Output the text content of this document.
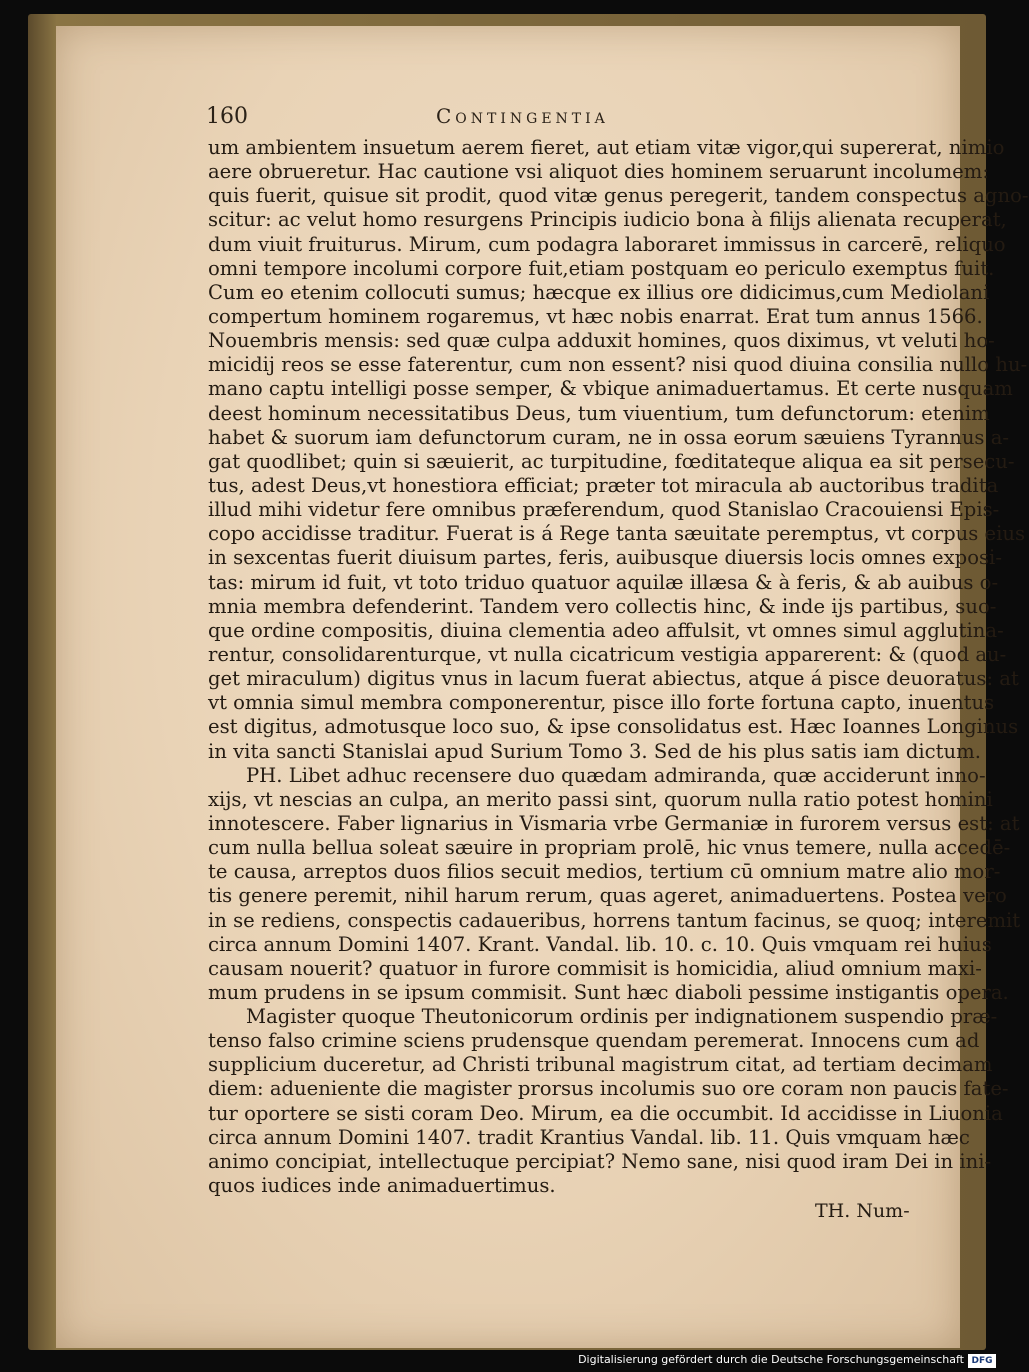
160	Contingentia
um ambientem insuetum aerem fieret, aut etiam vitæ vigor,qui supererat, nimio
aere obrueretur. Hac cautione vsi aliquot dies hominem seruarunt incolumem:
quis fuerit, quisue sit prodit, quod vitæ genus peregerit, tandem conspectus agno-
scitur: ac velut homo resurgens Principis iudicio bona à filijs alienata recuperat,
dum viuit fruiturus. Mirum, cum podagra laboraret immissus in carcerē, reliquo
omni tempore incolumi corpore fuit,etiam postquam eo periculo exemptus fuit.
Cum eo etenim collocuti sumus; hæcque ex illius ore didicimus,cum Mediolani
compertum hominem rogaremus, vt hæc nobis enarrat. Erat tum annus 1566.
Nouembris mensis: sed quæ culpa adduxit homines, quos diximus, vt veluti ho-
micidij reos se esse faterentur, cum non essent? nisi quod diuina consilia nullo hu-
mano captu intelligi posse semper, & vbique animaduertamus. Et certe nusquam
deest hominum necessitatibus Deus, tum viuentium, tum defunctorum: etenim
habet & suorum iam defunctorum curam, ne in ossa eorum sæuiens Tyrannus a-
gat quodlibet; quin si sæuierit, ac turpitudine, fœditateque aliqua ea sit persecu-
tus, adest Deus,vt honestiora efficiat; præter tot miracula ab auctoribus tradita
illud mihi videtur fere omnibus præferendum, quod Stanislao Cracouiensi Epis-
copo accidisse traditur. Fuerat is á Rege tanta sæuitate peremptus, vt corpus eius
in sexcentas fuerit diuisum partes, feris, auibusque diuersis locis omnes exposi-
tas: mirum id fuit, vt toto triduo quatuor aquilæ illæsa & à feris, & ab auibus o-
mnia membra defenderint. Tandem vero collectis hinc, & inde ijs partibus, suo-
que ordine compositis, diuina clementia adeo affulsit, vt omnes simul agglutina-
rentur, consolidarenturque, vt nulla cicatricum vestigia apparerent: & (quod au-
get miraculum) digitus vnus in lacum fuerat abiectus, atque á pisce deuoratus: at
vt omnia simul membra componerentur, pisce illo forte fortuna capto, inuentus
est digitus, admotusque loco suo, & ipse consolidatus est. Hæc Ioannes Longinus
in vita sancti Stanislai apud Surium Tomo 3. Sed de his plus satis iam dictum.
PH. Libet adhuc recensere duo quædam admiranda, quæ acciderunt inno-
xijs, vt nescias an culpa, an merito passi sint, quorum nulla ratio potest homini
innotescere. Faber lignarius in Vismaria vrbe Germaniæ in furorem versus est: at
cum nulla bellua soleat sæuire in propriam prolē, hic vnus temere, nulla accedē-
te causa, arreptos duos filios secuit medios, tertium cū omnium matre alio mor-
tis genere peremit, nihil harum rerum, quas ageret, animaduertens. Postea vero
in se rediens, conspectis cadaueribus, horrens tantum facinus, se quoq; interemit
circa annum Domini 1407. Krant. Vandal. lib. 10. c. 10. Quis vmquam rei huius
causam nouerit? quatuor in furore commisit is homicidia, aliud omnium maxi-
mum prudens in se ipsum commisit. Sunt hæc diaboli pessime instigantis opera.
Magister quoque Theutonicorum ordinis per indignationem suspendio præ-
tenso falso crimine sciens prudensque quendam peremerat. Innocens cum ad
supplicium duceretur, ad Christi tribunal magistrum citat, ad tertiam decimam
diem: adueniente die magister prorsus incolumis suo ore coram non paucis fate-
tur oportere se sisti coram Deo. Mirum, ea die occumbit. Id accidisse in Liuonia
circa annum Domini 1407. tradit Krantius Vandal. lib. 11. Quis vmquam hæc
animo concipiat, intellectuque percipiat? Nemo sane, nisi quod iram Dei in ini-
quos iudices inde animaduertimus.
TH. Num-
Digitalisierung gefördert durch die Deutsche Forschungsgemeinschaft DFG
